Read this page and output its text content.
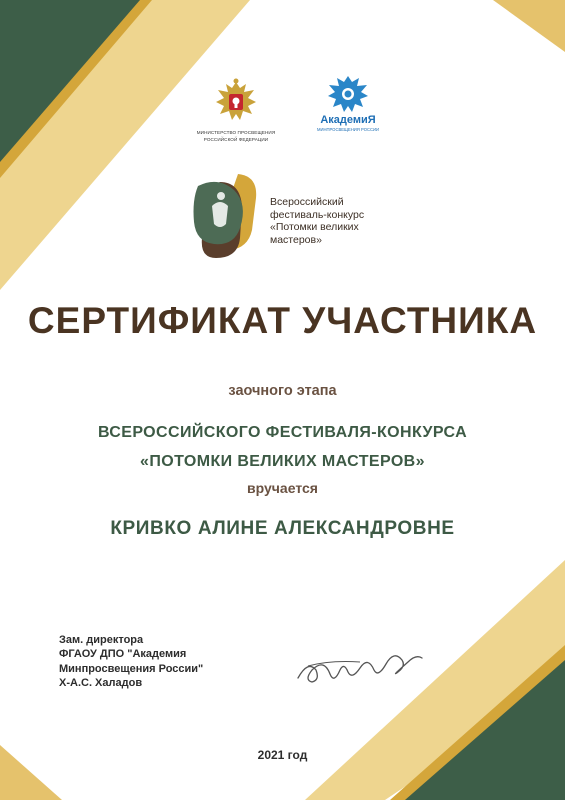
МИНИСТЕРСТВО ПРОСВЕЩЕНИЯ
РОССИЙСКОЙ ФЕДЕРАЦИИ
АкадемиЯ
МИНПРОСВЕЩЕНИЯ РОССИИ
Всероссийский
фестиваль-конкурс
«Потомки великих
мастеров»
СЕРТИФИКАТ УЧАСТНИКА

заочного этапа

ВСЕРОССИЙСКОГО ФЕСТИВАЛЯ-КОНКУРСА

«ПОТОМКИ ВЕЛИКИХ МАСТЕРОВ»

вручается

КРИВКО АЛИНЕ АЛЕКСАНДРОВНЕ

Зам. директора
ФГАОУ ДПО "Академия
Минпросвещения России"
Х-А.С. Халадов

2021 год
